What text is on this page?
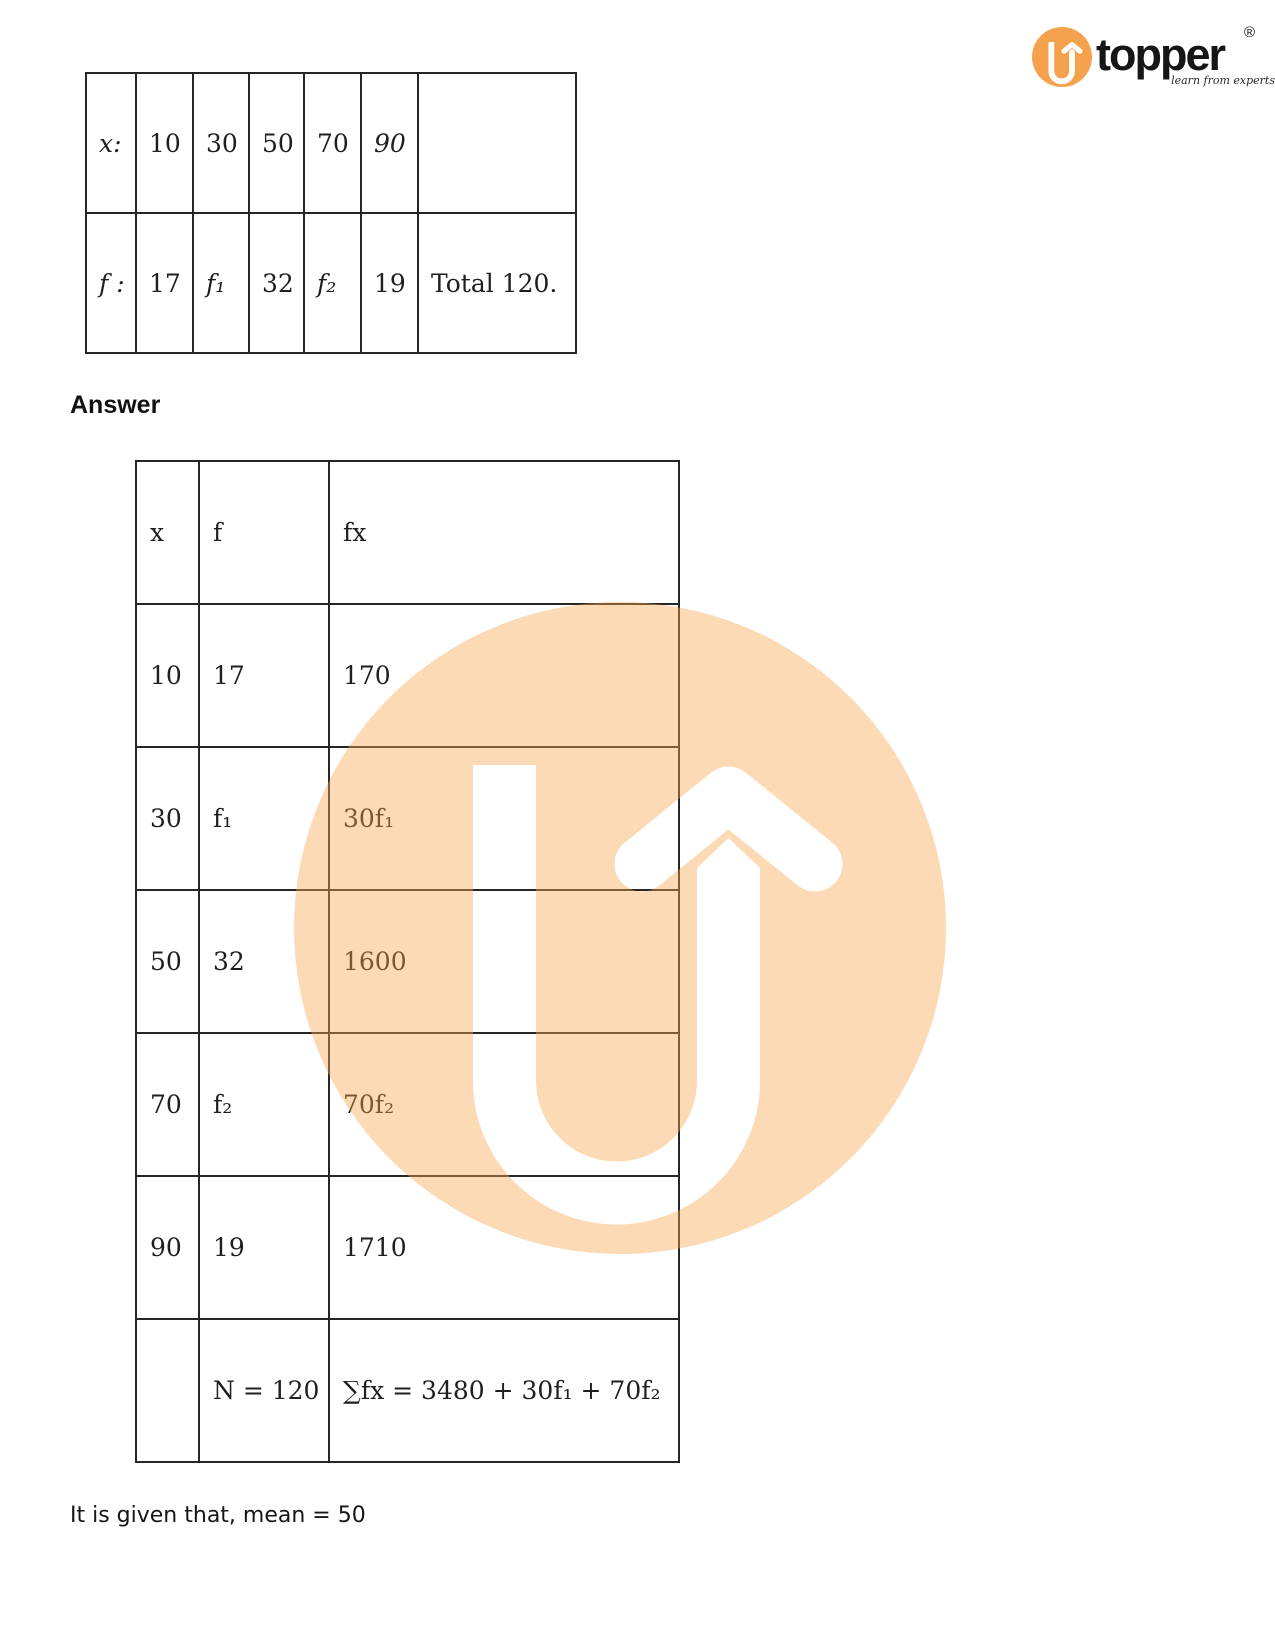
topper ®
learn from experts
x:	10	30	50	70	90	
f :	17	f₁	32	f₂	19	Total 120.
Answer
x	f	fx
10	17	170
30	f₁	30f₁
50	32	1600
70	f₂	70f₂
90	19	1710
	N = 120	∑fx = 3480 + 30f₁ + 70f₂

It is given that, mean = 50
